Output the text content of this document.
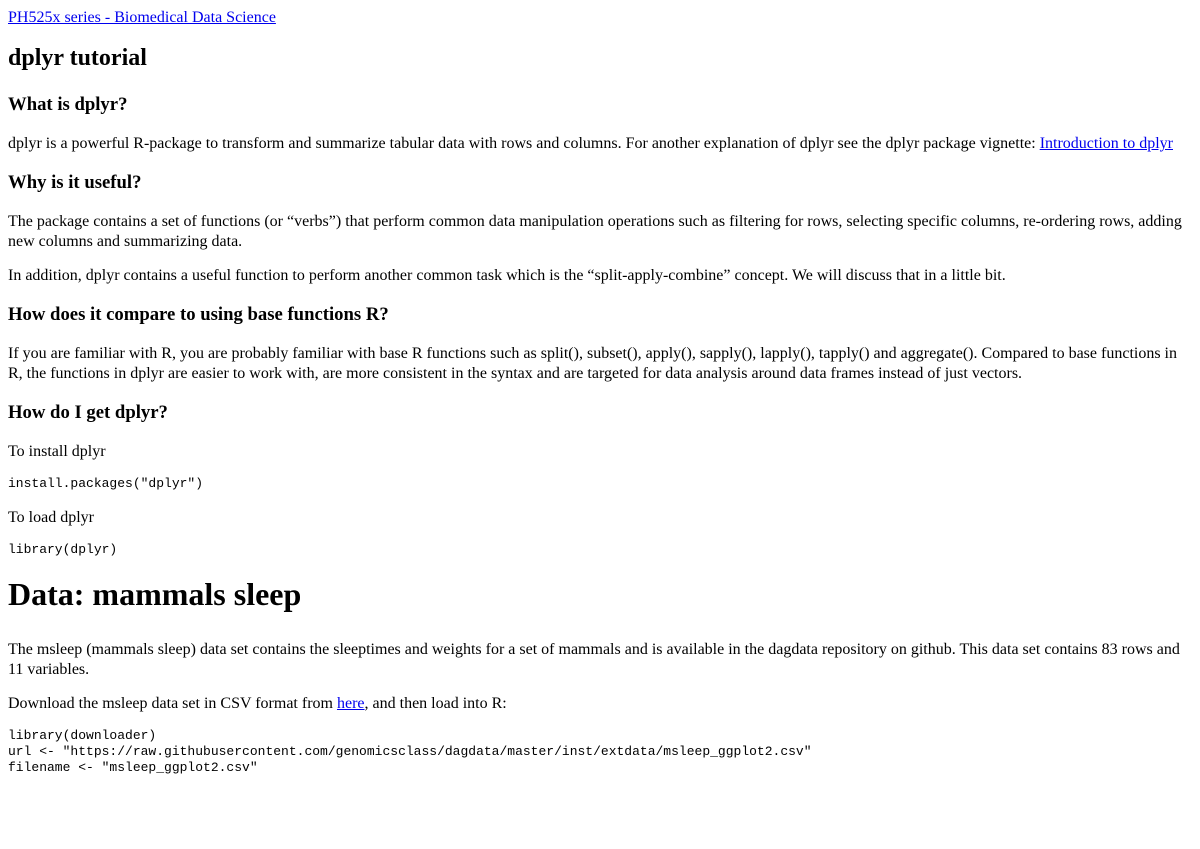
PH525x series - Biomedical Data Science
dplyr tutorial
What is dplyr?

dplyr is a powerful R-package to transform and summarize tabular data with rows and columns. For another explanation of dplyr see the dplyr package vignette: Introduction to dplyr

Why is it useful?

The package contains a set of functions (or “verbs”) that perform common data manipulation operations such as filtering for rows, selecting specific columns, re-ordering rows, adding new columns and summarizing data.

In addition, dplyr contains a useful function to perform another common task which is the “split-apply-combine” concept. We will discuss that in a little bit.

How does it compare to using base functions R?

If you are familiar with R, you are probably familiar with base R functions such as split(), subset(), apply(), sapply(), lapply(), tapply() and aggregate(). Compared to base functions in R, the functions in dplyr are easier to work with, are more consistent in the syntax and are targeted for data analysis around data frames instead of just vectors.

How do I get dplyr?

To install dplyr

install.packages("dplyr")

To load dplyr

library(dplyr)
Data: mammals sleep

The msleep (mammals sleep) data set contains the sleeptimes and weights for a set of mammals and is available in the dagdata repository on github. This data set contains 83 rows and 11 variables.

Download the msleep data set in CSV format from here, and then load into R:

library(downloader)
url <- "https://raw.githubusercontent.com/genomicsclass/dagdata/master/inst/extdata/msleep_ggplot2.csv"
filename <- "msleep_ggplot2.csv"
